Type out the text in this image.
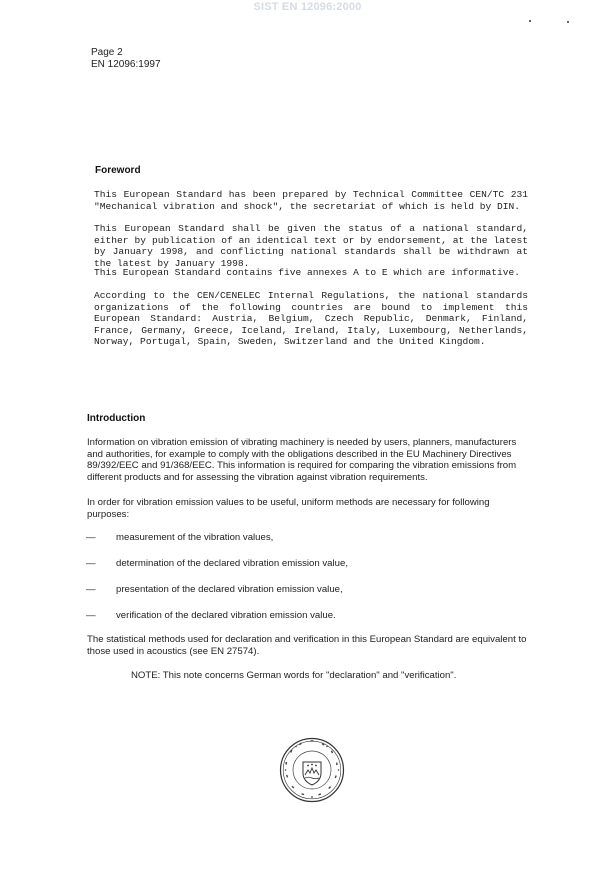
SIST EN 12096:2000
Page 2
EN 12096:1997
Foreword

This European Standard has been prepared by Technical Committee CEN/TC 231 "Mechanical vibration and shock", the secretariat of which is held by DIN.

This European Standard shall be given the status of a national standard, either by publication of an identical text or by endorsement, at the latest by January 1998, and conflicting national standards shall be withdrawn at the latest by January 1998.

This European Standard contains five annexes A to E which are informative.

According to the CEN/CENELEC Internal Regulations, the national standards organizations of the following countries are bound to implement this European Standard: Austria, Belgium, Czech Republic, Denmark, Finland, France, Germany, Greece, Iceland, Ireland, Italy, Luxembourg, Netherlands, Norway, Portugal, Spain, Sweden, Switzerland and the United Kingdom.

Introduction

Information on vibration emission of vibrating machinery is needed by users, planners, manufacturers and authorities, for example to comply with the obligations described in the EU Machinery Directives 89/392/EEC and 91/368/EEC. This information is required for comparing the vibration emissions from different products and for assessing the vibration against vibration requirements.

In order for vibration emission values to be useful, uniform methods are necessary for following purposes:

— measurement of the vibration values,
— determination of the declared vibration emission value,
— presentation of the declared vibration emission value,
— verification of the declared vibration emission value.

The statistical methods used for declaration and verification in this European Standard are equivalent to those used in acoustics (see EN 27574).

NOTE: This note concerns German words for "declaration" and "verification".
